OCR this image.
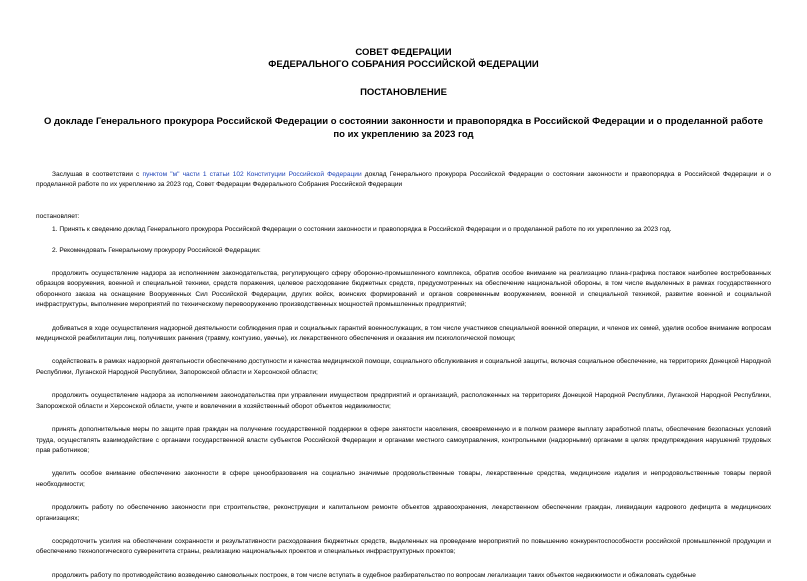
СОВЕТ ФЕДЕРАЦИИ
ФЕДЕРАЛЬНОГО СОБРАНИЯ РОССИЙСКОЙ ФЕДЕРАЦИИ
ПОСТАНОВЛЕНИЕ
О докладе Генерального прокурора Российской Федерации о состоянии законности и правопорядка в Российской Федерации и о проделанной работе по их укреплению за 2023 год
Заслушав в соответствии с пунктом "м" части 1 статьи 102 Конституции Российской Федерации доклад Генерального прокурора Российской Федерации о состоянии законности и правопорядка в Российской Федерации и о проделанной работе по их укреплению за 2023 год, Совет Федерации Федерального Собрания Российской Федерации
постановляет:
1. Принять к сведению доклад Генерального прокурора Российской Федерации о состоянии законности и правопорядка в Российской Федерации и о проделанной работе по их укреплению за 2023 год.
2. Рекомендовать Генеральному прокурору Российской Федерации:
продолжить осуществление надзора за исполнением законодательства, регулирующего сферу оборонно-промышленного комплекса, обратив особое внимание на реализацию плана-графика поставок наиболее востребованных образцов вооружения, военной и специальной техники, средств поражения, целевое расходование бюджетных средств, предусмотренных на обеспечение национальной обороны, в том числе выделенных в рамках государственного оборонного заказа на оснащение Вооруженных Сил Российской Федерации, других войск, воинских формирований и органов современным вооружением, военной и специальной техникой, развитие военной и социальной инфраструктуры, выполнение мероприятий по техническому перевооружению производственных мощностей промышленных предприятий;
добиваться в ходе осуществления надзорной деятельности соблюдения прав и социальных гарантий военнослужащих, в том числе участников специальной военной операции, и членов их семей, уделив особое внимание вопросам медицинской реабилитации лиц, получивших ранения (травму, контузию, увечье), их лекарственного обеспечения и оказания им психологической помощи;
содействовать в рамках надзорной деятельности обеспечению доступности и качества медицинской помощи, социального обслуживания и социальной защиты, включая социальное обеспечение, на территориях Донецкой Народной Республики, Луганской Народной Республики, Запорожской области и Херсонской области;
продолжить осуществление надзора за исполнением законодательства при управлении имуществом предприятий и организаций, расположенных на территориях Донецкой Народной Республики, Луганской Народной Республики, Запорожской области и Херсонской области, учете и вовлечении в хозяйственный оборот объектов недвижимости;
принять дополнительные меры по защите прав граждан на получение государственной поддержки в сфере занятости населения, своевременную и в полном размере выплату заработной платы, обеспечение безопасных условий труда, осуществлять взаимодействие с органами государственной власти субъектов Российской Федерации и органами местного самоуправления, контрольными (надзорными) органами в целях предупреждения нарушений трудовых прав работников;
уделить особое внимание обеспечению законности в сфере ценообразования на социально значимые продовольственные товары, лекарственные средства, медицинские изделия и непродовольственные товары первой необходимости;
продолжить работу по обеспечению законности при строительстве, реконструкции и капитальном ремонте объектов здравоохранения, лекарственном обеспечении граждан, ликвидации кадрового дефицита в медицинских организациях;
сосредоточить усилия на обеспечении сохранности и результативности расходования бюджетных средств, выделенных на проведение мероприятий по повышению конкурентоспособности российской промышленной продукции и обеспечению технологического суверенитета страны, реализацию национальных проектов и специальных инфраструктурных проектов;
продолжить работу по противодействию возведению самовольных построек, в том числе вступать в судебное разбирательство по вопросам легализации таких объектов недвижимости и обжаловать судебные
